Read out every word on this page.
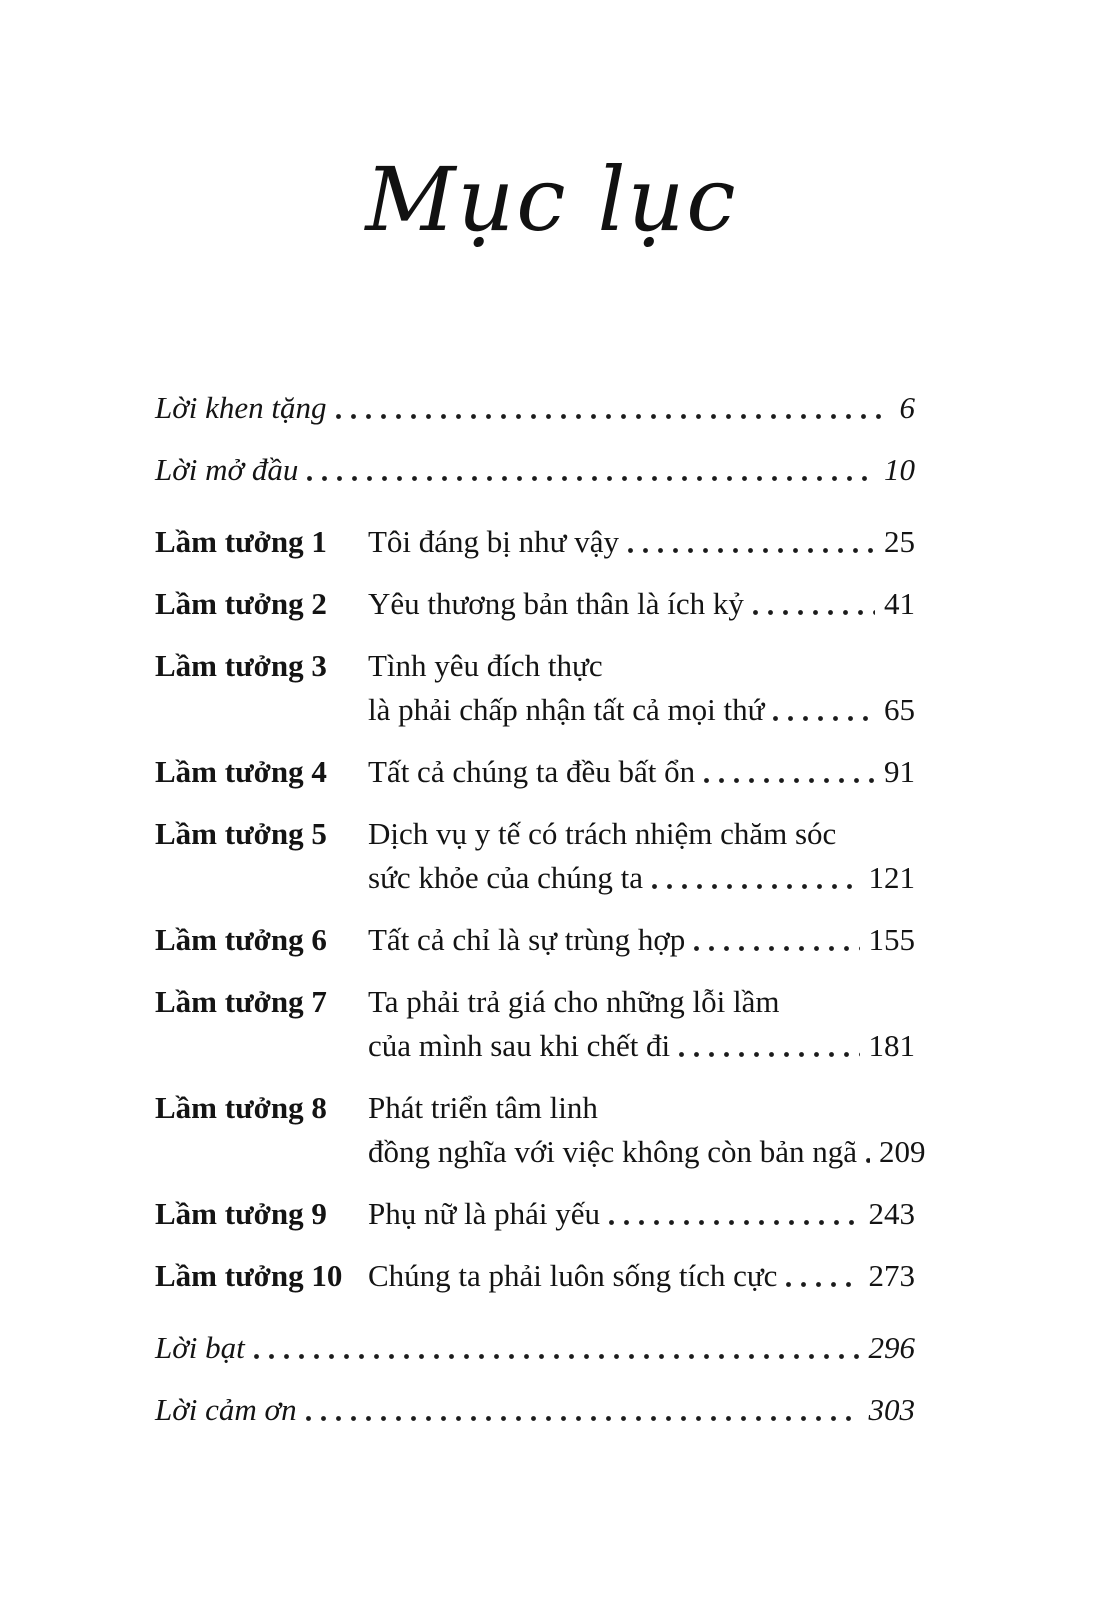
Mục lục
Lời khen tặng	6
Lời mở đầu	10
Lầm tưởng 1	Tôi đáng bị như vậy	25
Lầm tưởng 2	Yêu thương bản thân là ích kỷ	41
Lầm tưởng 3	Tình yêu đích thực
là phải chấp nhận tất cả mọi thứ	65
Lầm tưởng 4	Tất cả chúng ta đều bất ổn	91
Lầm tưởng 5	Dịch vụ y tế có trách nhiệm chăm sóc
sức khỏe của chúng ta	121
Lầm tưởng 6	Tất cả chỉ là sự trùng hợp	155
Lầm tưởng 7	Ta phải trả giá cho những lỗi lầm
của mình sau khi chết đi	181
Lầm tưởng 8	Phát triển tâm linh
đồng nghĩa với việc không còn bản ngã 209
Lầm tưởng 9	Phụ nữ là phái yếu	243
Lầm tưởng 10 Chúng ta phải luôn sống tích cực	273
Lời bạt	296
Lời cảm ơn	303
